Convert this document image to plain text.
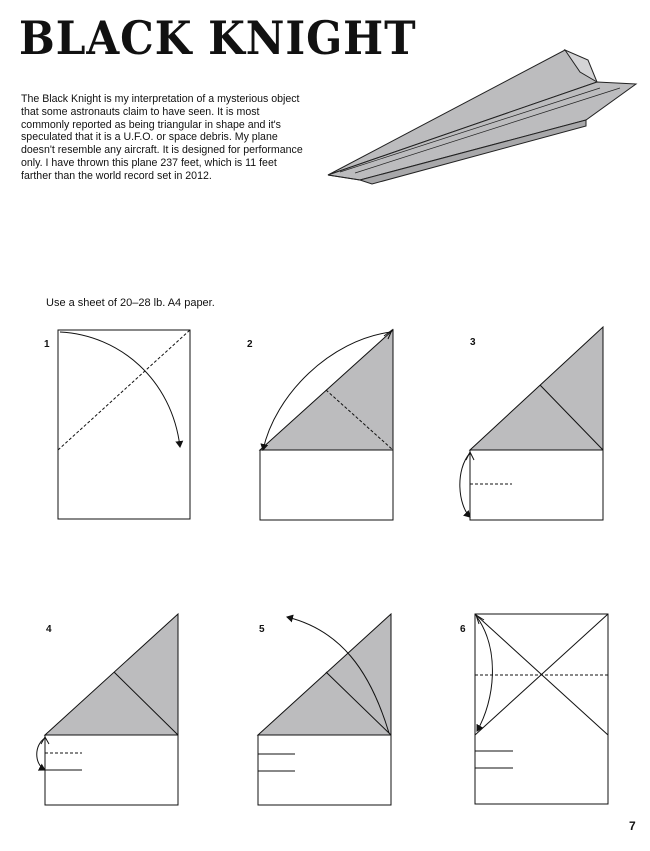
BLACK KNIGHT

The Black Knight is my interpretation of a mysterious object that some astronauts claim to have seen. It is most commonly reported as being triangular in shape and it's speculated that it is a U.F.O. or space debris. My plane doesn't resemble any aircraft. It is designed for performance only. I have thrown this plane 237 feet, which is 11 feet farther than the world record set in 2012.

Use a sheet of 20–28 lb. A4 paper.

1	2	3
4	5	6
7
